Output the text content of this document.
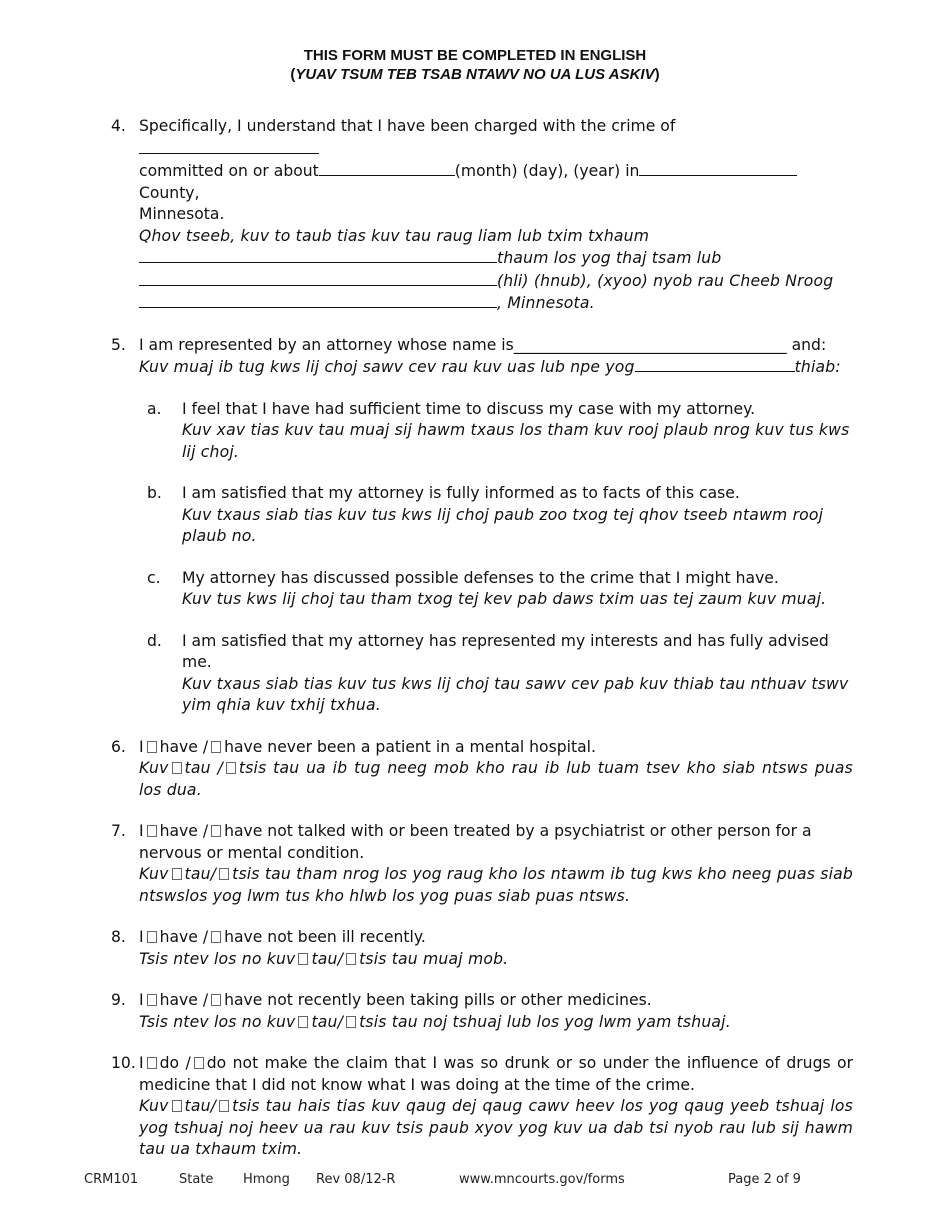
THIS FORM MUST BE COMPLETED IN ENGLISH
(YUAV TSUM TEB TSAB NTAWV NO UA LUS ASKIV)
4. Specifically, I understand that I have been charged with the crime of
committed on or about	(month) (day), (year) inCounty,
Minnesota.
Qhov tseeb, kuv to taub tias kuv tau raug liam lub txim txhaum
thaum los yog thaj tsam lub
(hli) (hnub), (xyoo) nyob rau Cheeb Nroog
, Minnesota.
5. I am represented by an attorney whose name is___________________________________ and:
Kuv muaj ib tug kws lij choj sawv cev rau kuv uas lub npe yog	thiab:
a. I feel that I have had sufficient time to discuss my case with my attorney.
Kuv xav tias kuv tau muaj sij hawm txaus los tham kuv rooj plaub nrog kuv tus kws lij choj.
b. I am satisfied that my attorney is fully informed as to facts of this case.
Kuv txaus siab tias kuv tus kws lij choj paub zoo txog tej qhov tseeb ntawm rooj plaub no.
c. My attorney has discussed possible defenses to the crime that I might have.
Kuv tus kws lij choj tau tham txog tej kev pab daws txim uas tej zaum kuv muaj.
d. I am satisfied that my attorney has represented my interests and has fully advised me.
Kuv txaus siab tias kuv tus kws lij choj tau sawv cev pab kuv thiab tau nthuav tswv yim qhia kuv txhij txhua.
6. I have / have never been a patient in a mental hospital.
Kuv tau / tsis tau ua ib tug neeg mob kho rau ib lub tuam tsev kho siab ntsws puas los dua.
7. I have / have not talked with or been treated by a psychiatrist or other person for a nervous or mental condition.
Kuv tau/ tsis tau tham nrog los yog raug kho los ntawm ib tug kws kho neeg puas siab ntswslos yog lwm tus kho hlwb los yog puas siab puas ntsws.
8. I have / have not been ill recently.
Tsis ntev los no kuv tau/ tsis tau muaj mob.
9. I have / have not recently been taking pills or other medicines.
Tsis ntev los no kuv tau/ tsis tau noj tshuaj lub los yog lwm yam tshuaj.
10. I do / do not make the claim that I was so drunk or so under the influence of drugs or medicine that I did not know what I was doing at the time of the crime.
Kuv tau/ tsis tau hais tias kuv qaug dej qaug cawv heev los yog qaug yeeb tshuaj los yog tshuaj noj heev ua rau kuv tsis paub xyov yog kuv ua dab tsi nyob rau lub sij hawm tau ua txhaum txim.
CRM101	State Hmong Rev 08/12-R	www.mncourts.gov/forms	Page 2 of 9
